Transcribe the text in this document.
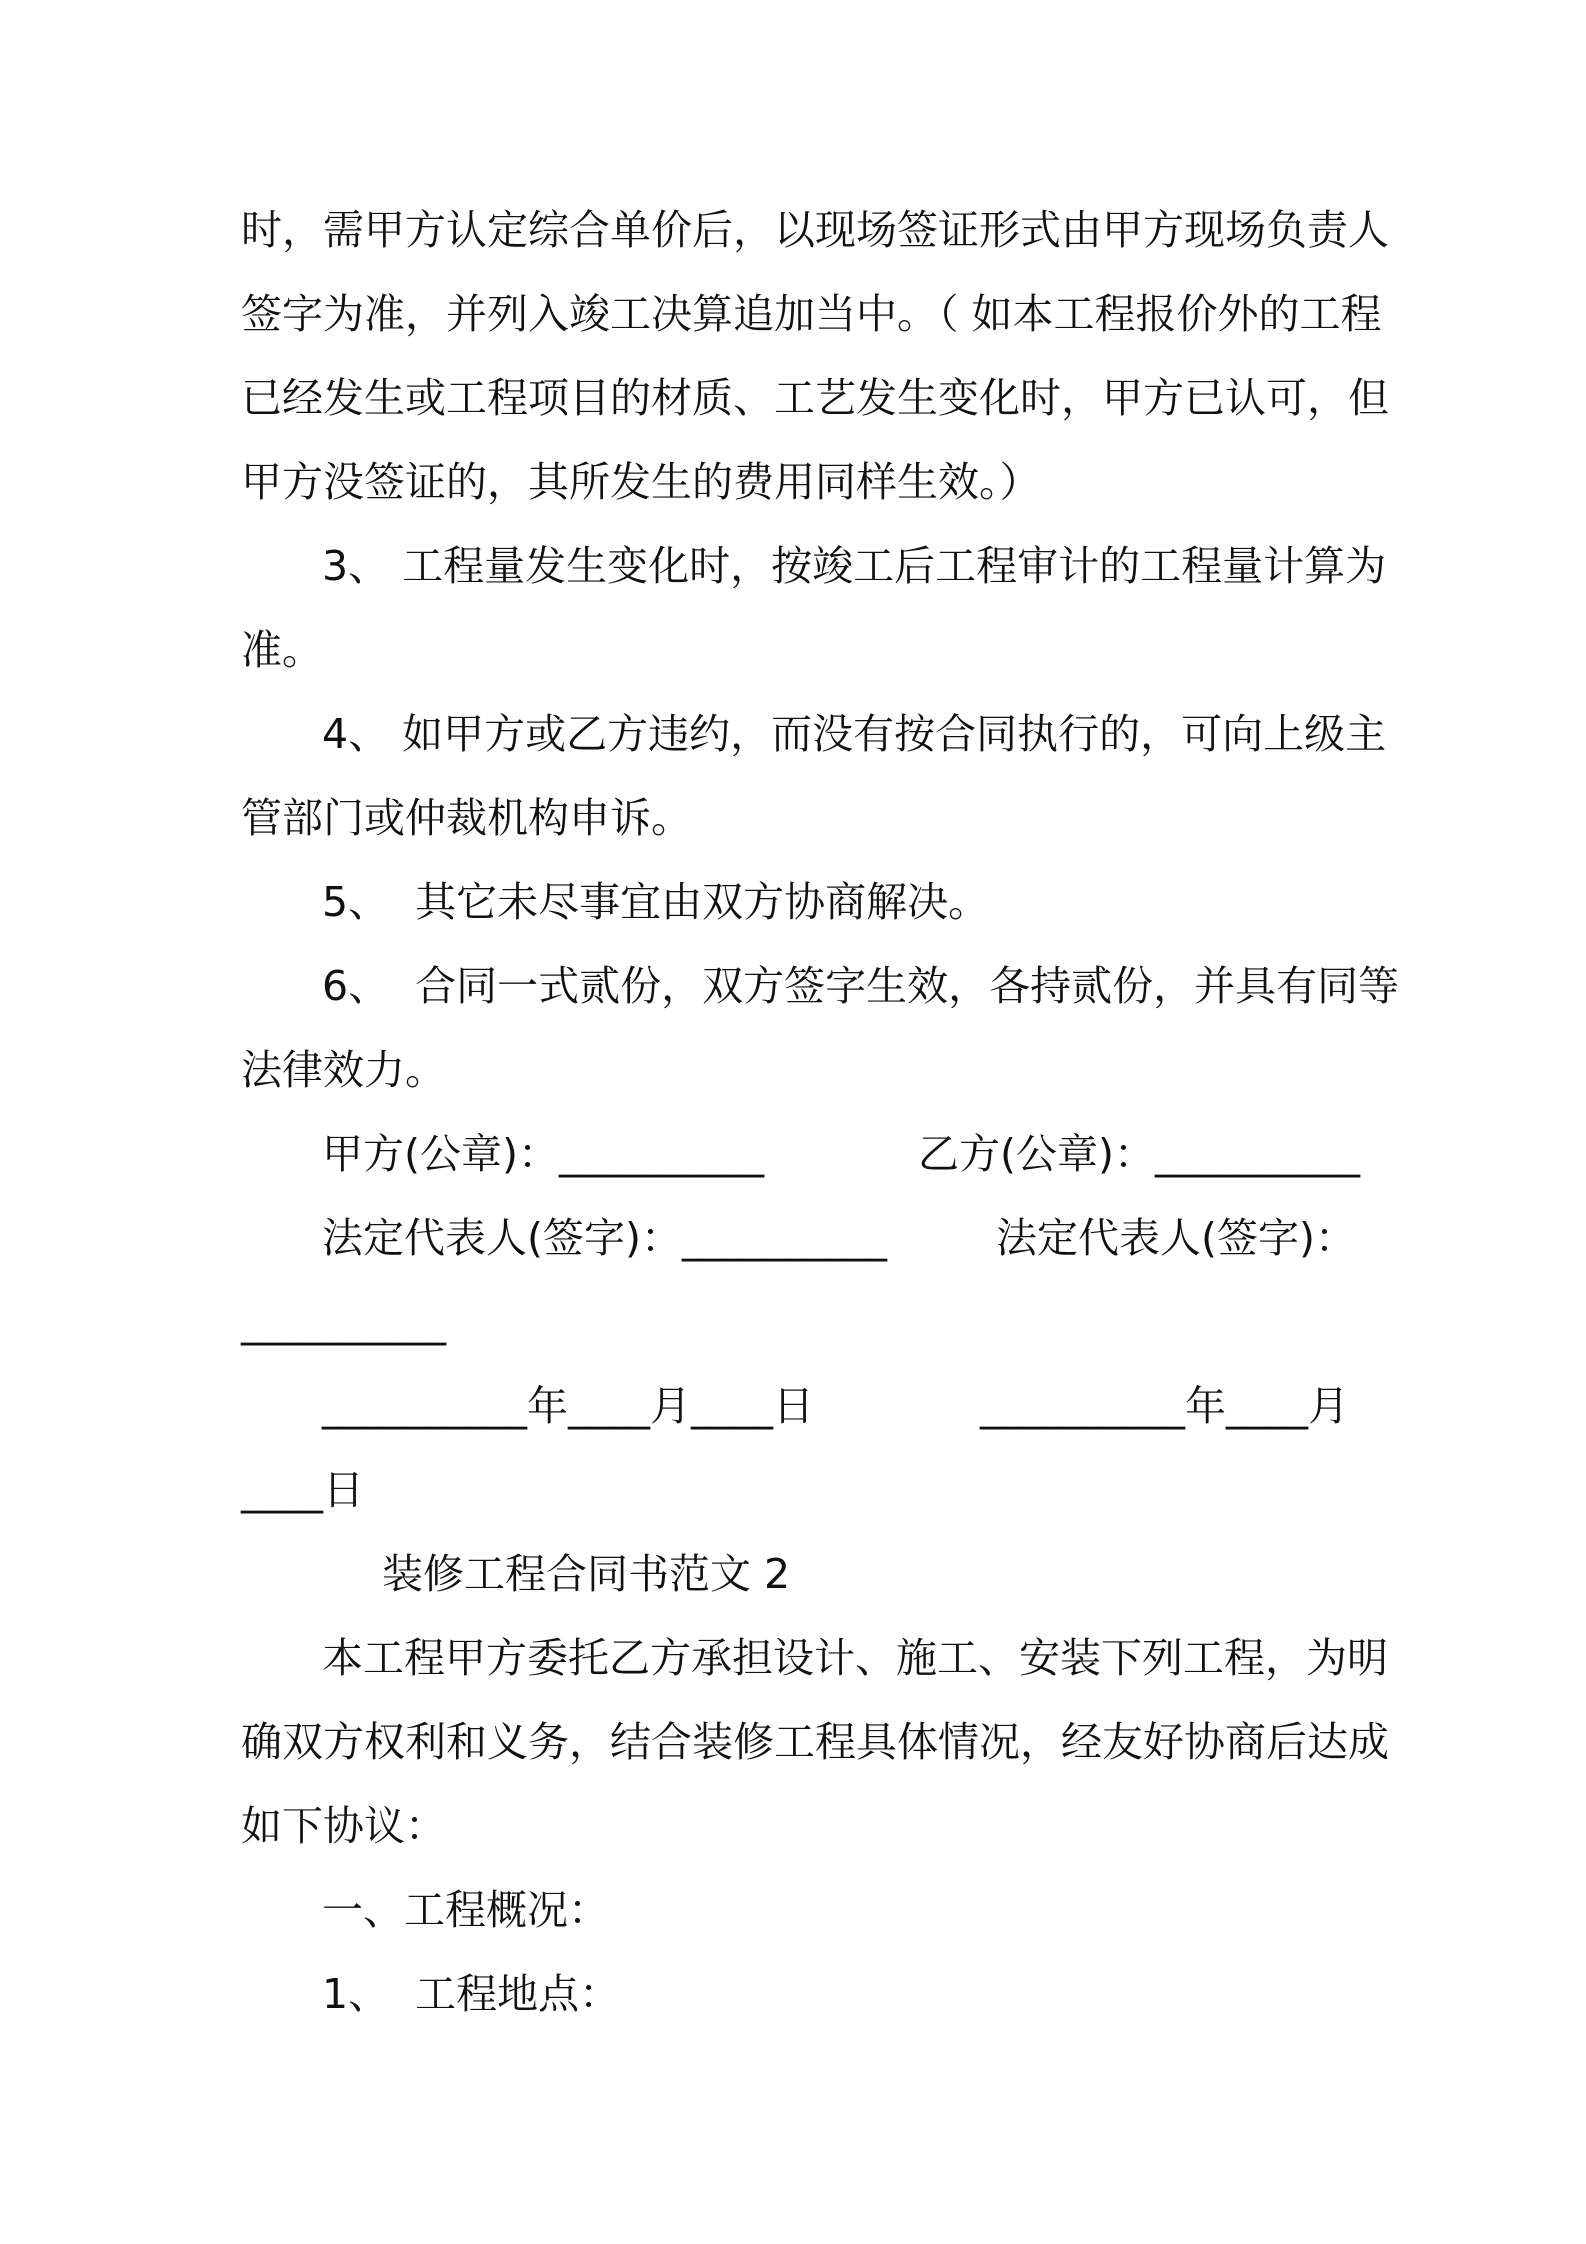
时，需甲方认定综合单价后，以现场签证形式由甲方现场负责人

签字为准，并列入竣工决算追加当中。（ 如本工程报价外的工程

已经发生或工程项目的材质、工艺发生变化时，甲方已认可，但

甲方没签证的，其所发生的费用同样生效。）

3、 工程量发生变化时，按竣工后工程审计的工程量计算为

准。

4、 如甲方或乙方违约，而没有按合同执行的，可向上级主

管部门或仲裁机构申诉。

5、  其它未尽事宜由双方协商解决。

6、  合同一式贰份，双方签字生效，各持贰份，并具有同等

法律效力。

甲方(公章)：__________	乙方(公章)：__________

法定代表人(签字)：__________	法定代表人(签字)：

__________

__________年____月____日	__________年____月

____日

装修工程合同书范文 2

本工程甲方委托乙方承担设计、施工、安装下列工程，为明

确双方权利和义务，结合装修工程具体情况，经友好协商后达成

如下协议：

一、工程概况：

1、  工程地点：
